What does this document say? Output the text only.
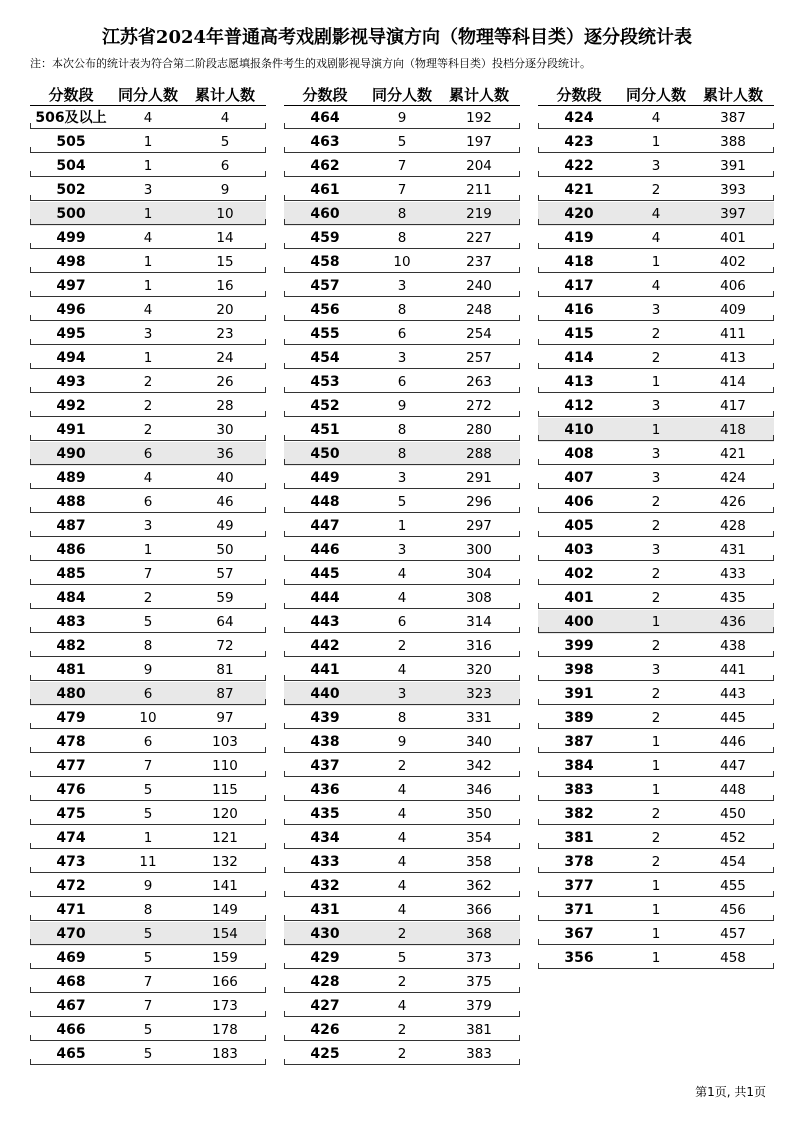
江苏省2024年普通高考戏剧影视导演方向（物理等科目类）逐分段统计表
注：本次公布的统计表为符合第二阶段志愿填报条件考生的戏剧影视导演方向（物理等科目类）投档分逐分段统计。
分数段	同分人数	累计人数
506及以上	4	4
505	1	5
504	1	6
502	3	9
500	1	10
499	4	14
498	1	15
497	1	16
496	4	20
495	3	23
494	1	24
493	2	26
492	2	28
491	2	30
490	6	36
489	4	40
488	6	46
487	3	49
486	1	50
485	7	57
484	2	59
483	5	64
482	8	72
481	9	81
480	6	87
479	10	97
478	6	103
477	7	110
476	5	115
475	5	120
474	1	121
473	11	132
472	9	141
471	8	149
470	5	154
469	5	159
468	7	166
467	7	173
466	5	178
465	5	183
分数段	同分人数	累计人数
464	9	192
463	5	197
462	7	204
461	7	211
460	8	219
459	8	227
458	10	237
457	3	240
456	8	248
455	6	254
454	3	257
453	6	263
452	9	272
451	8	280
450	8	288
449	3	291
448	5	296
447	1	297
446	3	300
445	4	304
444	4	308
443	6	314
442	2	316
441	4	320
440	3	323
439	8	331
438	9	340
437	2	342
436	4	346
435	4	350
434	4	354
433	4	358
432	4	362
431	4	366
430	2	368
429	5	373
428	2	375
427	4	379
426	2	381
425	2	383
分数段	同分人数	累计人数
424	4	387
423	1	388
422	3	391
421	2	393
420	4	397
419	4	401
418	1	402
417	4	406
416	3	409
415	2	411
414	2	413
413	1	414
412	3	417
410	1	418
408	3	421
407	3	424
406	2	426
405	2	428
403	3	431
402	2	433
401	2	435
400	1	436
399	2	438
398	3	441
391	2	443
389	2	445
387	1	446
384	1	447
383	1	448
382	2	450
381	2	452
378	2	454
377	1	455
371	1	456
367	1	457
356	1	458
第1页, 共1页
